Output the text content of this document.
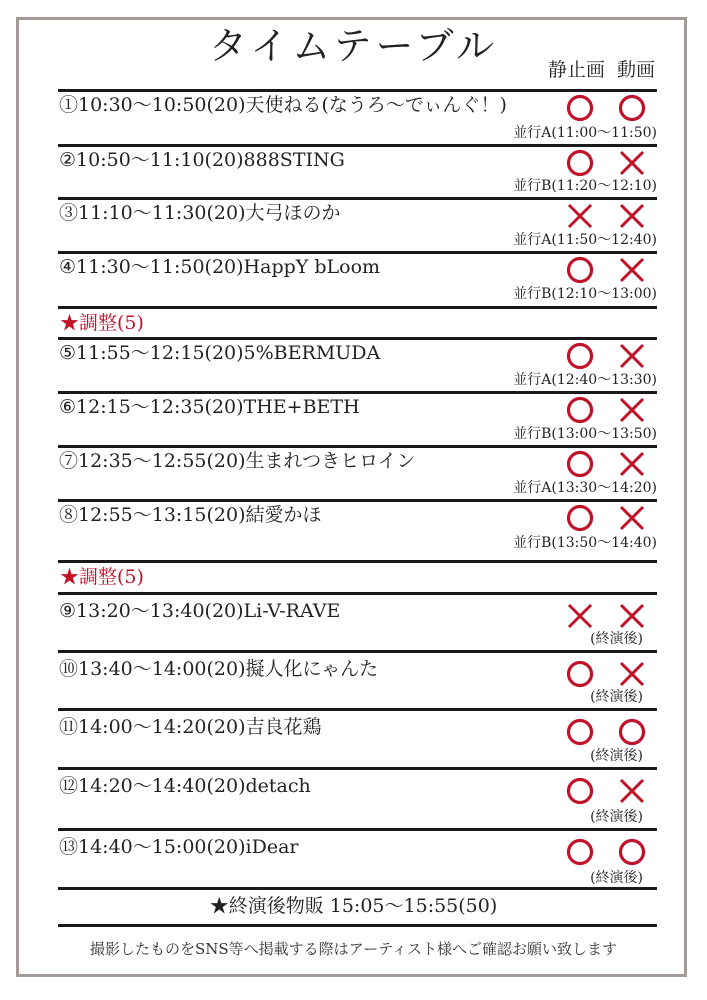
タイムテーブル
静止画 動画
①10:30～10:50(20)天使ねる(なうろ～でぃんぐ！)
並行A(11:00～11:50)
②10:50～11:10(20)888STING
並行B(11:20～12:10)
③11:10～11:30(20)大弓ほのか
並行A(11:50～12:40)
④11:30～11:50(20)HappY bLoom
並行B(12:10～13:00)
⑤11:55～12:15(20)5%BERMUDA
並行A(12:40～13:30)
⑥12:15～12:35(20)THE+BETH
並行B(13:00～13:50)
⑦12:35～12:55(20)生まれつきヒロイン
並行A(13:30～14:20)
⑧12:55～13:15(20)結愛かほ
並行B(13:50～14:40)
⑨13:20～13:40(20)Li-V-RAVE
(終演後)
⑩13:40～14:00(20)擬人化にゃんた
(終演後)
⑪14:00～14:20(20)吉良花鶏
(終演後)
⑫14:20～14:40(20)detach
(終演後)
⑬14:40～15:00(20)iDear
(終演後)
★調整(5)
★調整(5)
★終演後物販 15:05～15:55(50)
撮影したものをSNS等へ掲載する際はアーティスト様へご確認お願い致します
